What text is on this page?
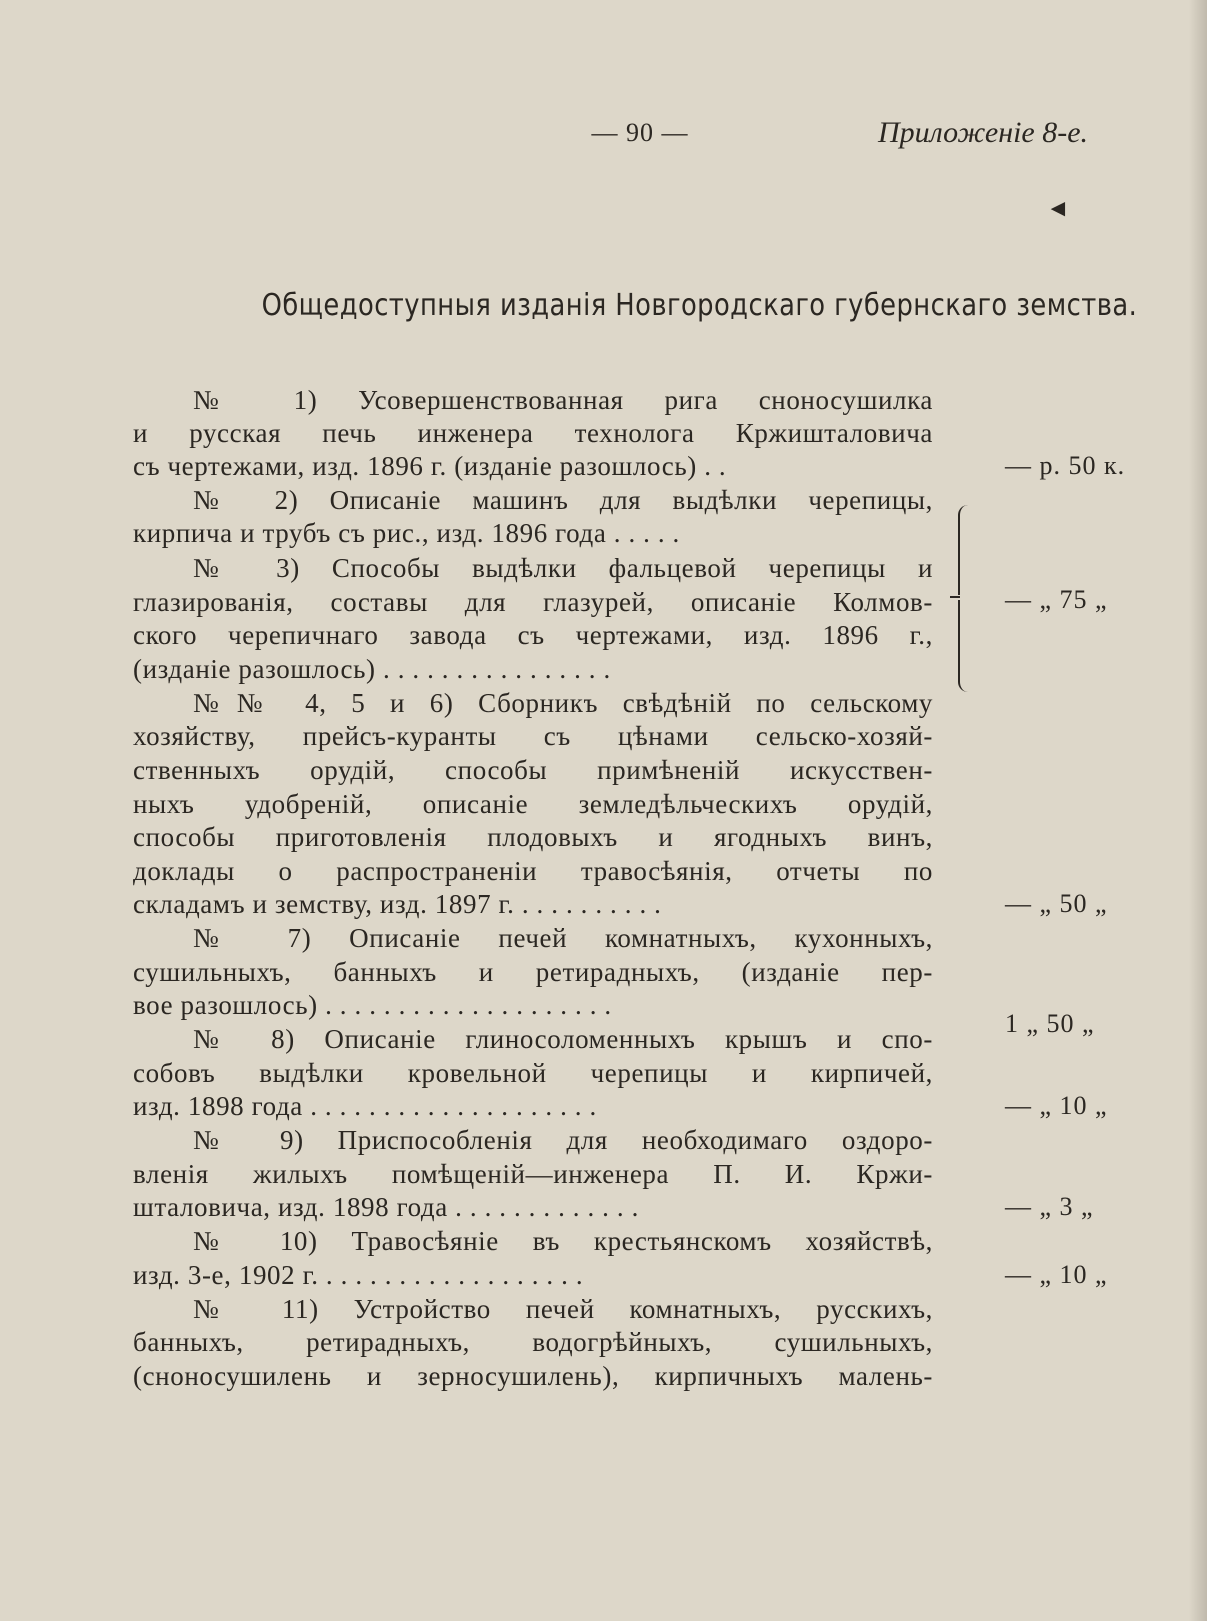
— 90 —	Приложеніе 8-е.
◄
Общедоступныя изданія Новгородскаго губернскаго земства.
№ 1) Усовершенствованная рига сноносушилка
и русская печь инженера технолога Кржишталовича
съ чертежами, изд. 1896 г. (изданіе разошлось) . .
№ 2) Описаніе машинъ для выдѣлки черепицы,
кирпича и трубъ съ рис., изд. 1896 года . . . . .
№ 3) Способы выдѣлки фальцевой черепицы и
глазированія, составы для глазурей, описаніе Колмов-
ского черепичнаго завода съ чертежами, изд. 1896 г.,
(изданіе разошлось) . . . . . . . . . . . . . . . .
№№ 4, 5 и 6) Сборникъ свѣдѣній по сельскому
хозяйству, прейсъ-куранты съ цѣнами сельско-хозяй-
ственныхъ орудій, способы примѣненій искусствен-
ныхъ удобреній, описаніе земледѣльческихъ орудій,
способы приготовленія плодовыхъ и ягодныхъ винъ,
доклады о распространеніи травосѣянія, отчеты по
складамъ и земству, изд. 1897 г. . . . . . . . . . .
№ 7) Описаніе печей комнатныхъ, кухонныхъ,
сушильныхъ, банныхъ и ретирадныхъ, (изданіе пер-
вое разошлось) . . . . . . . . . . . . . . . . . . . .
№ 8) Описаніе глиносоломенныхъ крышъ и спо-
собовъ выдѣлки кровельной черепицы и кирпичей,
изд. 1898 года . . . . . . . . . . . . . . . . . . . .
№ 9) Приспособленія для необходимаго оздоро-
вленія жилыхъ помѣщеній—инженера П. И. Кржи-
шталовича, изд. 1898 года . . . . . . . . . . . . .
№ 10) Травосѣяніе въ крестьянскомъ хозяйствѣ,
изд. 3-е, 1902 г. . . . . . . . . . . . . . . . . . .
№ 11) Устройство печей комнатныхъ, русскихъ,
банныхъ, ретирадныхъ, водогрѣйныхъ, сушильныхъ,
(сноносушилень и зерносушилень), кирпичныхъ малень-
— р. 50 к.
— „ 75 „
— „ 50 „
1 „ 50 „
— „ 10 „
— „ 3 „
— „ 10 „
